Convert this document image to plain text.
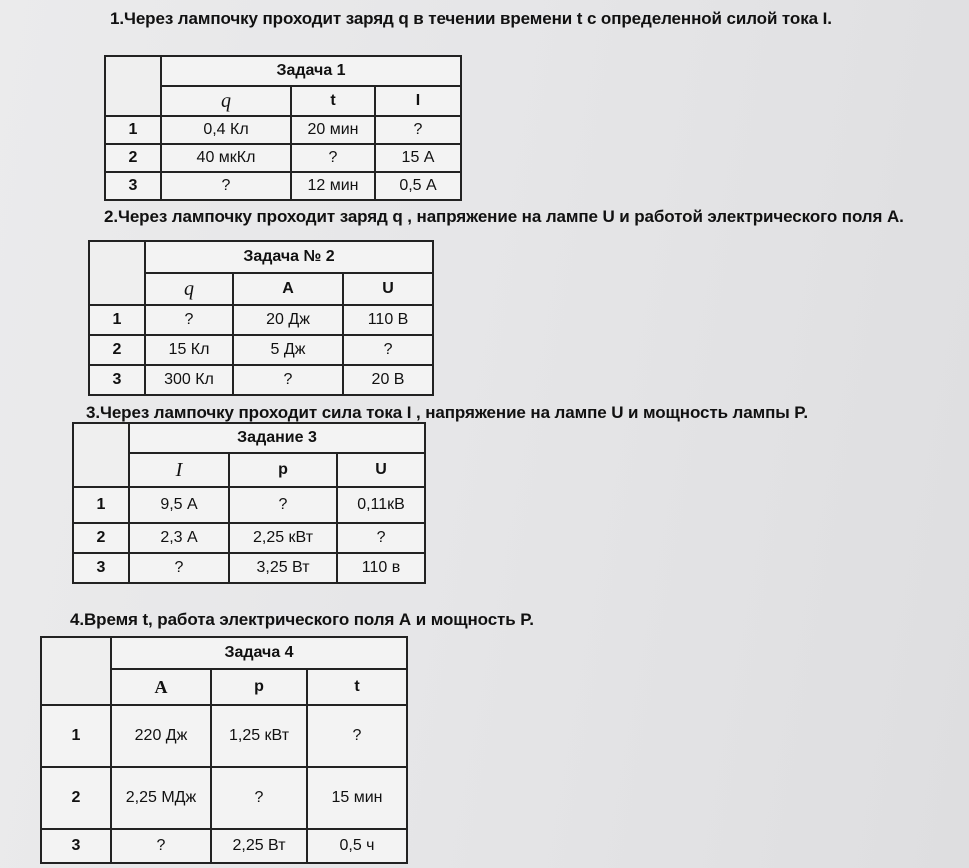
1.Через лампочку проходит заряд q в течении времени t с определенной силой тока I.
	Задача 1		
	q	t	I
1	0,4 Кл	20 мин	?
2	40 мкКл	?	15 А
3	?	12 мин	0,5 А
2.Через лампочку проходит заряд q , напряжение на лампе U и работой электрического поля А.
	Задача № 2		
	q	A	U
1	?	20 Дж	110 В
2	15 Кл	5 Дж	?
3	300 Кл	?	20 В
3.Через лампочку проходит сила тока I , напряжение на лампе U и мощность лампы P.
	Задание 3		
	I	p	U
1	9,5 А	?	0,11кВ
2	2,3 А	2,25 кВт	?
3	?	3,25 Вт	110 в
4.Время t, работа электрического поля А и мощность P.
	Задача 4		
	A	p	t
1	220 Дж	1,25 кВт	?
2	2,25 МДж	?	15 мин
3	?	2,25 Вт	0,5 ч
